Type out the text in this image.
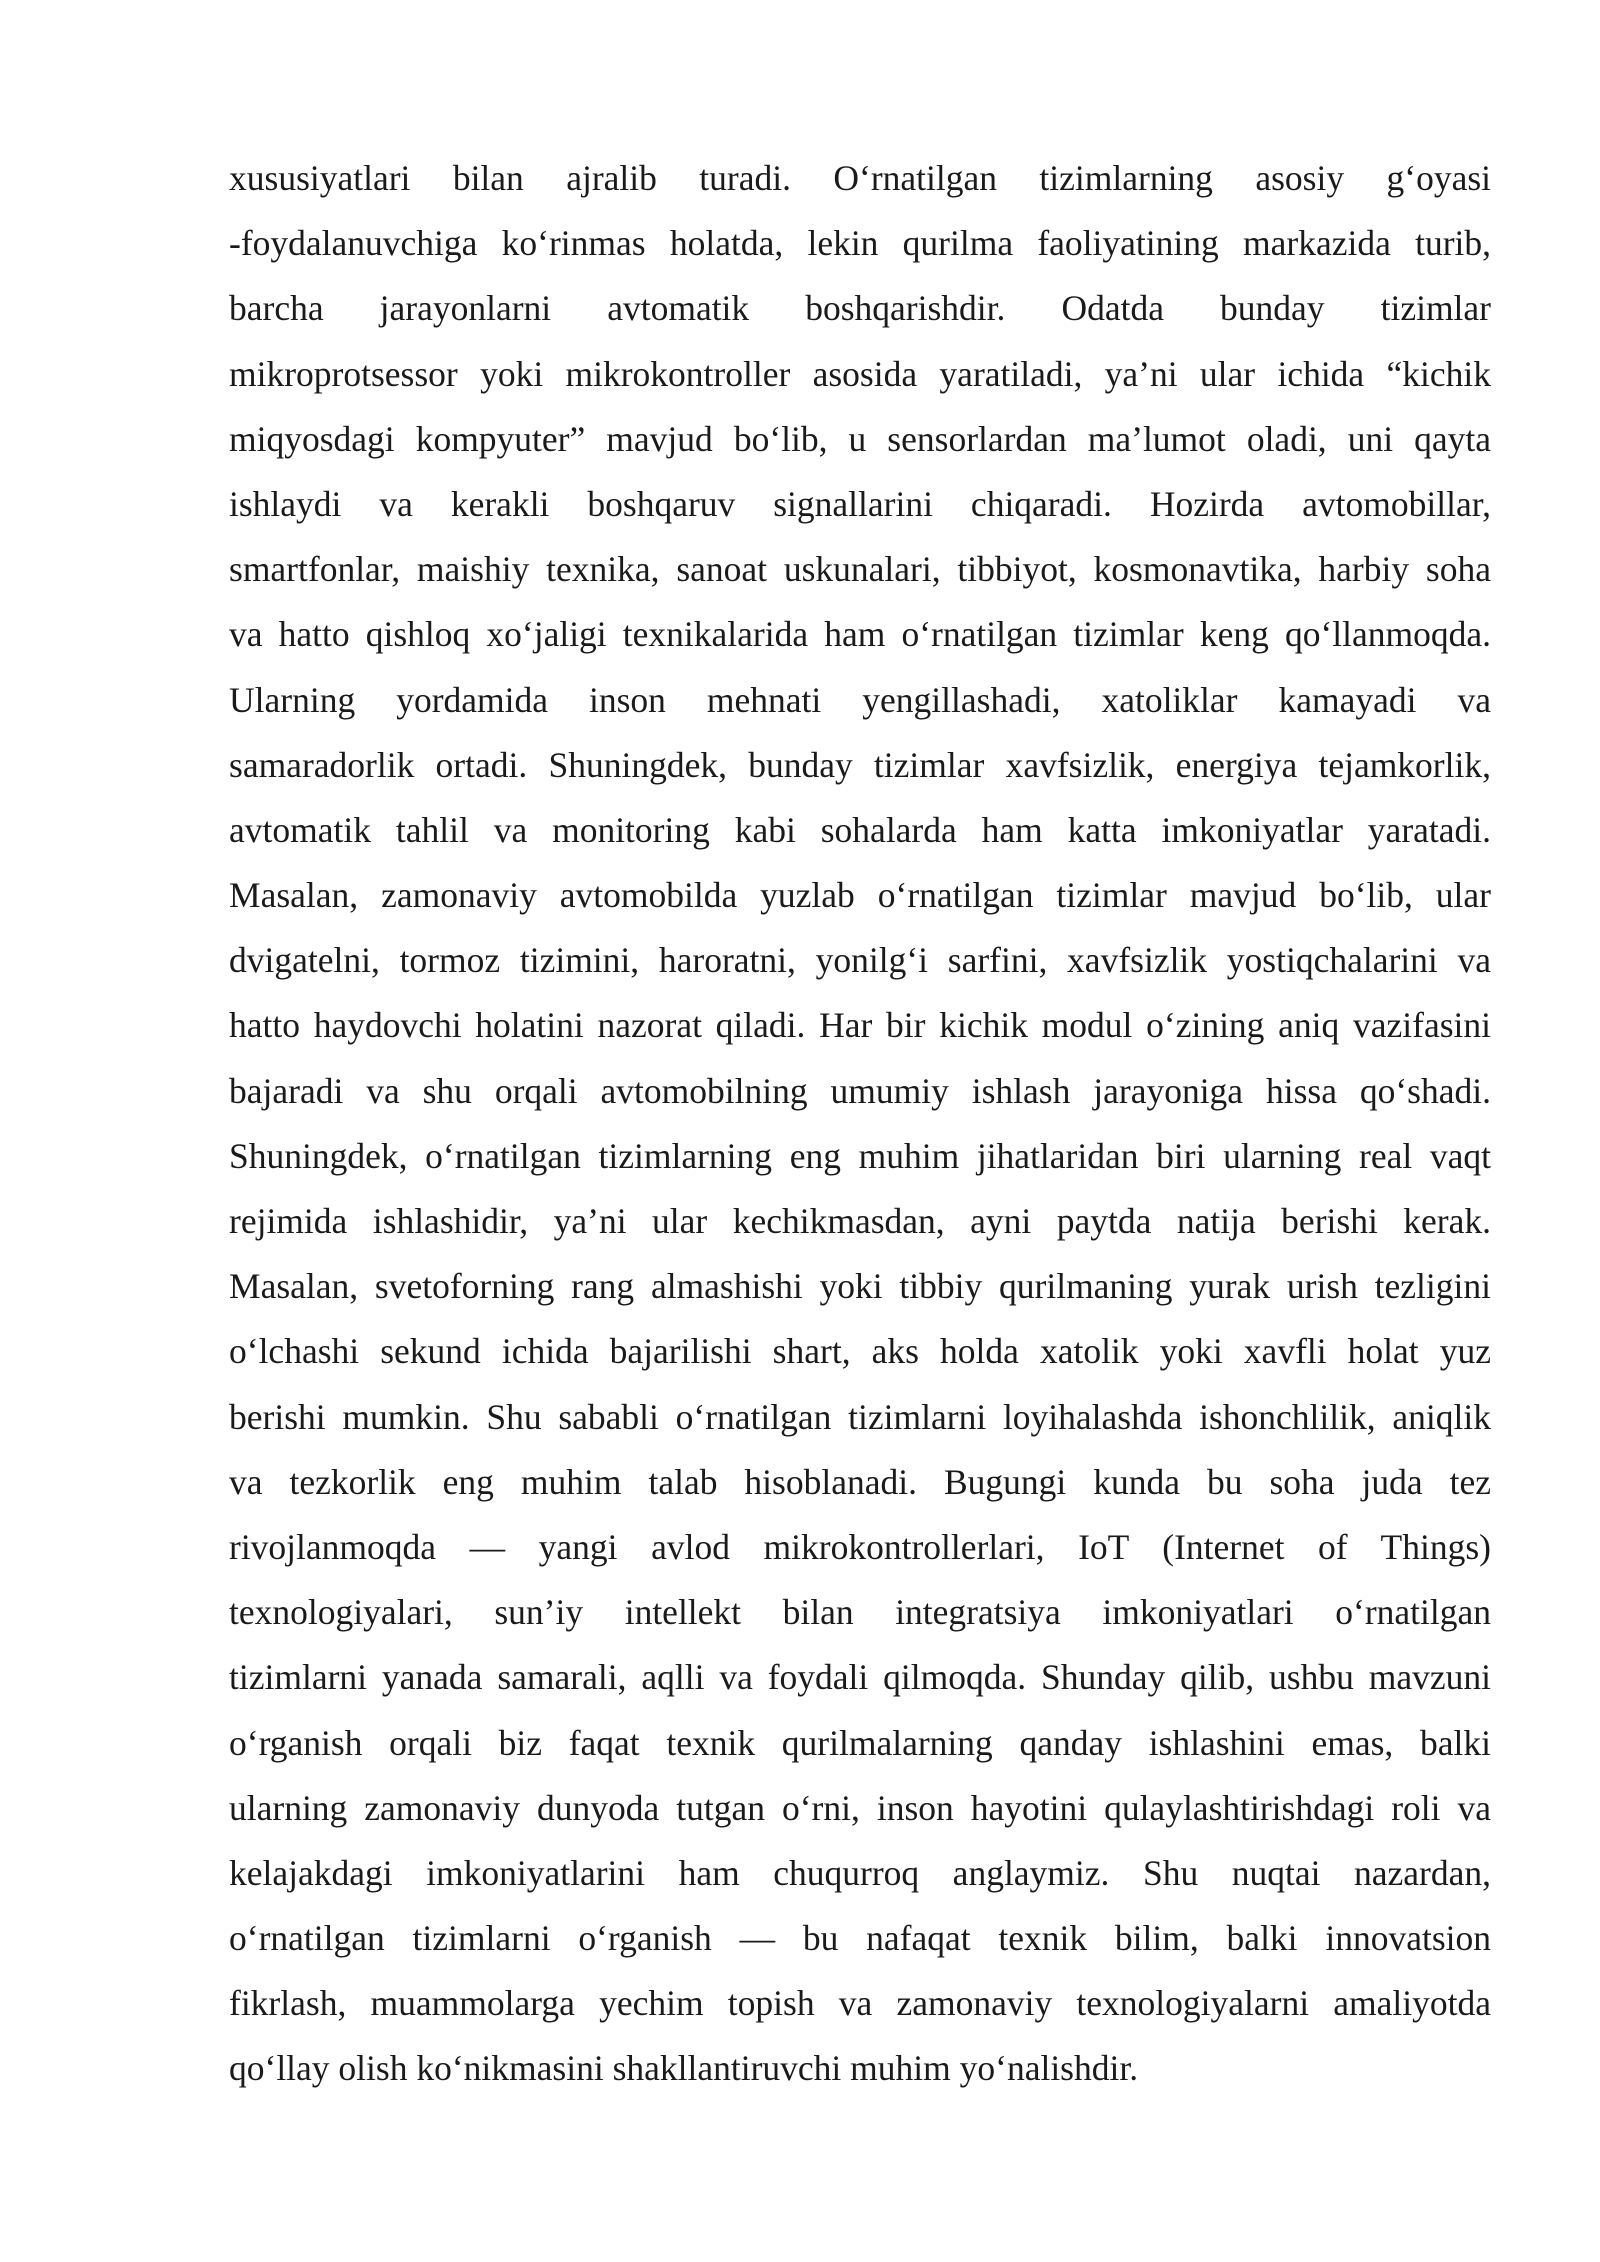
xususiyatlari bilan ajralib turadi. O‘rnatilgan tizimlarning asosiy g‘oyasi
-foydalanuvchiga ko‘rinmas holatda, lekin qurilma faoliyatining markazida turib,
barcha jarayonlarni avtomatik boshqarishdir. Odatda bunday tizimlar
mikroprotsessor yoki mikrokontroller asosida yaratiladi, ya’ni ular ichida “kichik
miqyosdagi kompyuter” mavjud bo‘lib, u sensorlardan ma’lumot oladi, uni qayta
ishlaydi va kerakli boshqaruv signallarini chiqaradi. Hozirda avtomobillar,
smartfonlar, maishiy texnika, sanoat uskunalari, tibbiyot, kosmonavtika, harbiy soha
va hatto qishloq xo‘jaligi texnikalarida ham o‘rnatilgan tizimlar keng qo‘llanmoqda.
Ularning yordamida inson mehnati yengillashadi, xatoliklar kamayadi va
samaradorlik ortadi. Shuningdek, bunday tizimlar xavfsizlik, energiya tejamkorlik,
avtomatik tahlil va monitoring kabi sohalarda ham katta imkoniyatlar yaratadi.
Masalan, zamonaviy avtomobilda yuzlab o‘rnatilgan tizimlar mavjud bo‘lib, ular
dvigatelni, tormoz tizimini, haroratni, yonilg‘i sarfini, xavfsizlik yostiqchalarini va
hatto haydovchi holatini nazorat qiladi. Har bir kichik modul o‘zining aniq vazifasini
bajaradi va shu orqali avtomobilning umumiy ishlash jarayoniga hissa qo‘shadi.
Shuningdek, o‘rnatilgan tizimlarning eng muhim jihatlaridan biri ularning real vaqt
rejimida ishlashidir, ya’ni ular kechikmasdan, ayni paytda natija berishi kerak.
Masalan, svetoforning rang almashishi yoki tibbiy qurilmaning yurak urish tezligini
o‘lchashi sekund ichida bajarilishi shart, aks holda xatolik yoki xavfli holat yuz
berishi mumkin. Shu sababli o‘rnatilgan tizimlarni loyihalashda ishonchlilik, aniqlik
va tezkorlik eng muhim talab hisoblanadi. Bugungi kunda bu soha juda tez
rivojlanmoqda — yangi avlod mikrokontrollerlari, IoT (Internet of Things)
texnologiyalari, sun’iy intellekt bilan integratsiya imkoniyatlari o‘rnatilgan
tizimlarni yanada samarali, aqlli va foydali qilmoqda. Shunday qilib, ushbu mavzuni
o‘rganish orqali biz faqat texnik qurilmalarning qanday ishlashini emas, balki
ularning zamonaviy dunyoda tutgan o‘rni, inson hayotini qulaylashtirishdagi roli va
kelajakdagi imkoniyatlarini ham chuqurroq anglaymiz. Shu nuqtai nazardan,
o‘rnatilgan tizimlarni o‘rganish — bu nafaqat texnik bilim, balki innovatsion
fikrlash, muammolarga yechim topish va zamonaviy texnologiyalarni amaliyotda
qo‘llay olish ko‘nikmasini shakllantiruvchi muhim yo‘nalishdir.
